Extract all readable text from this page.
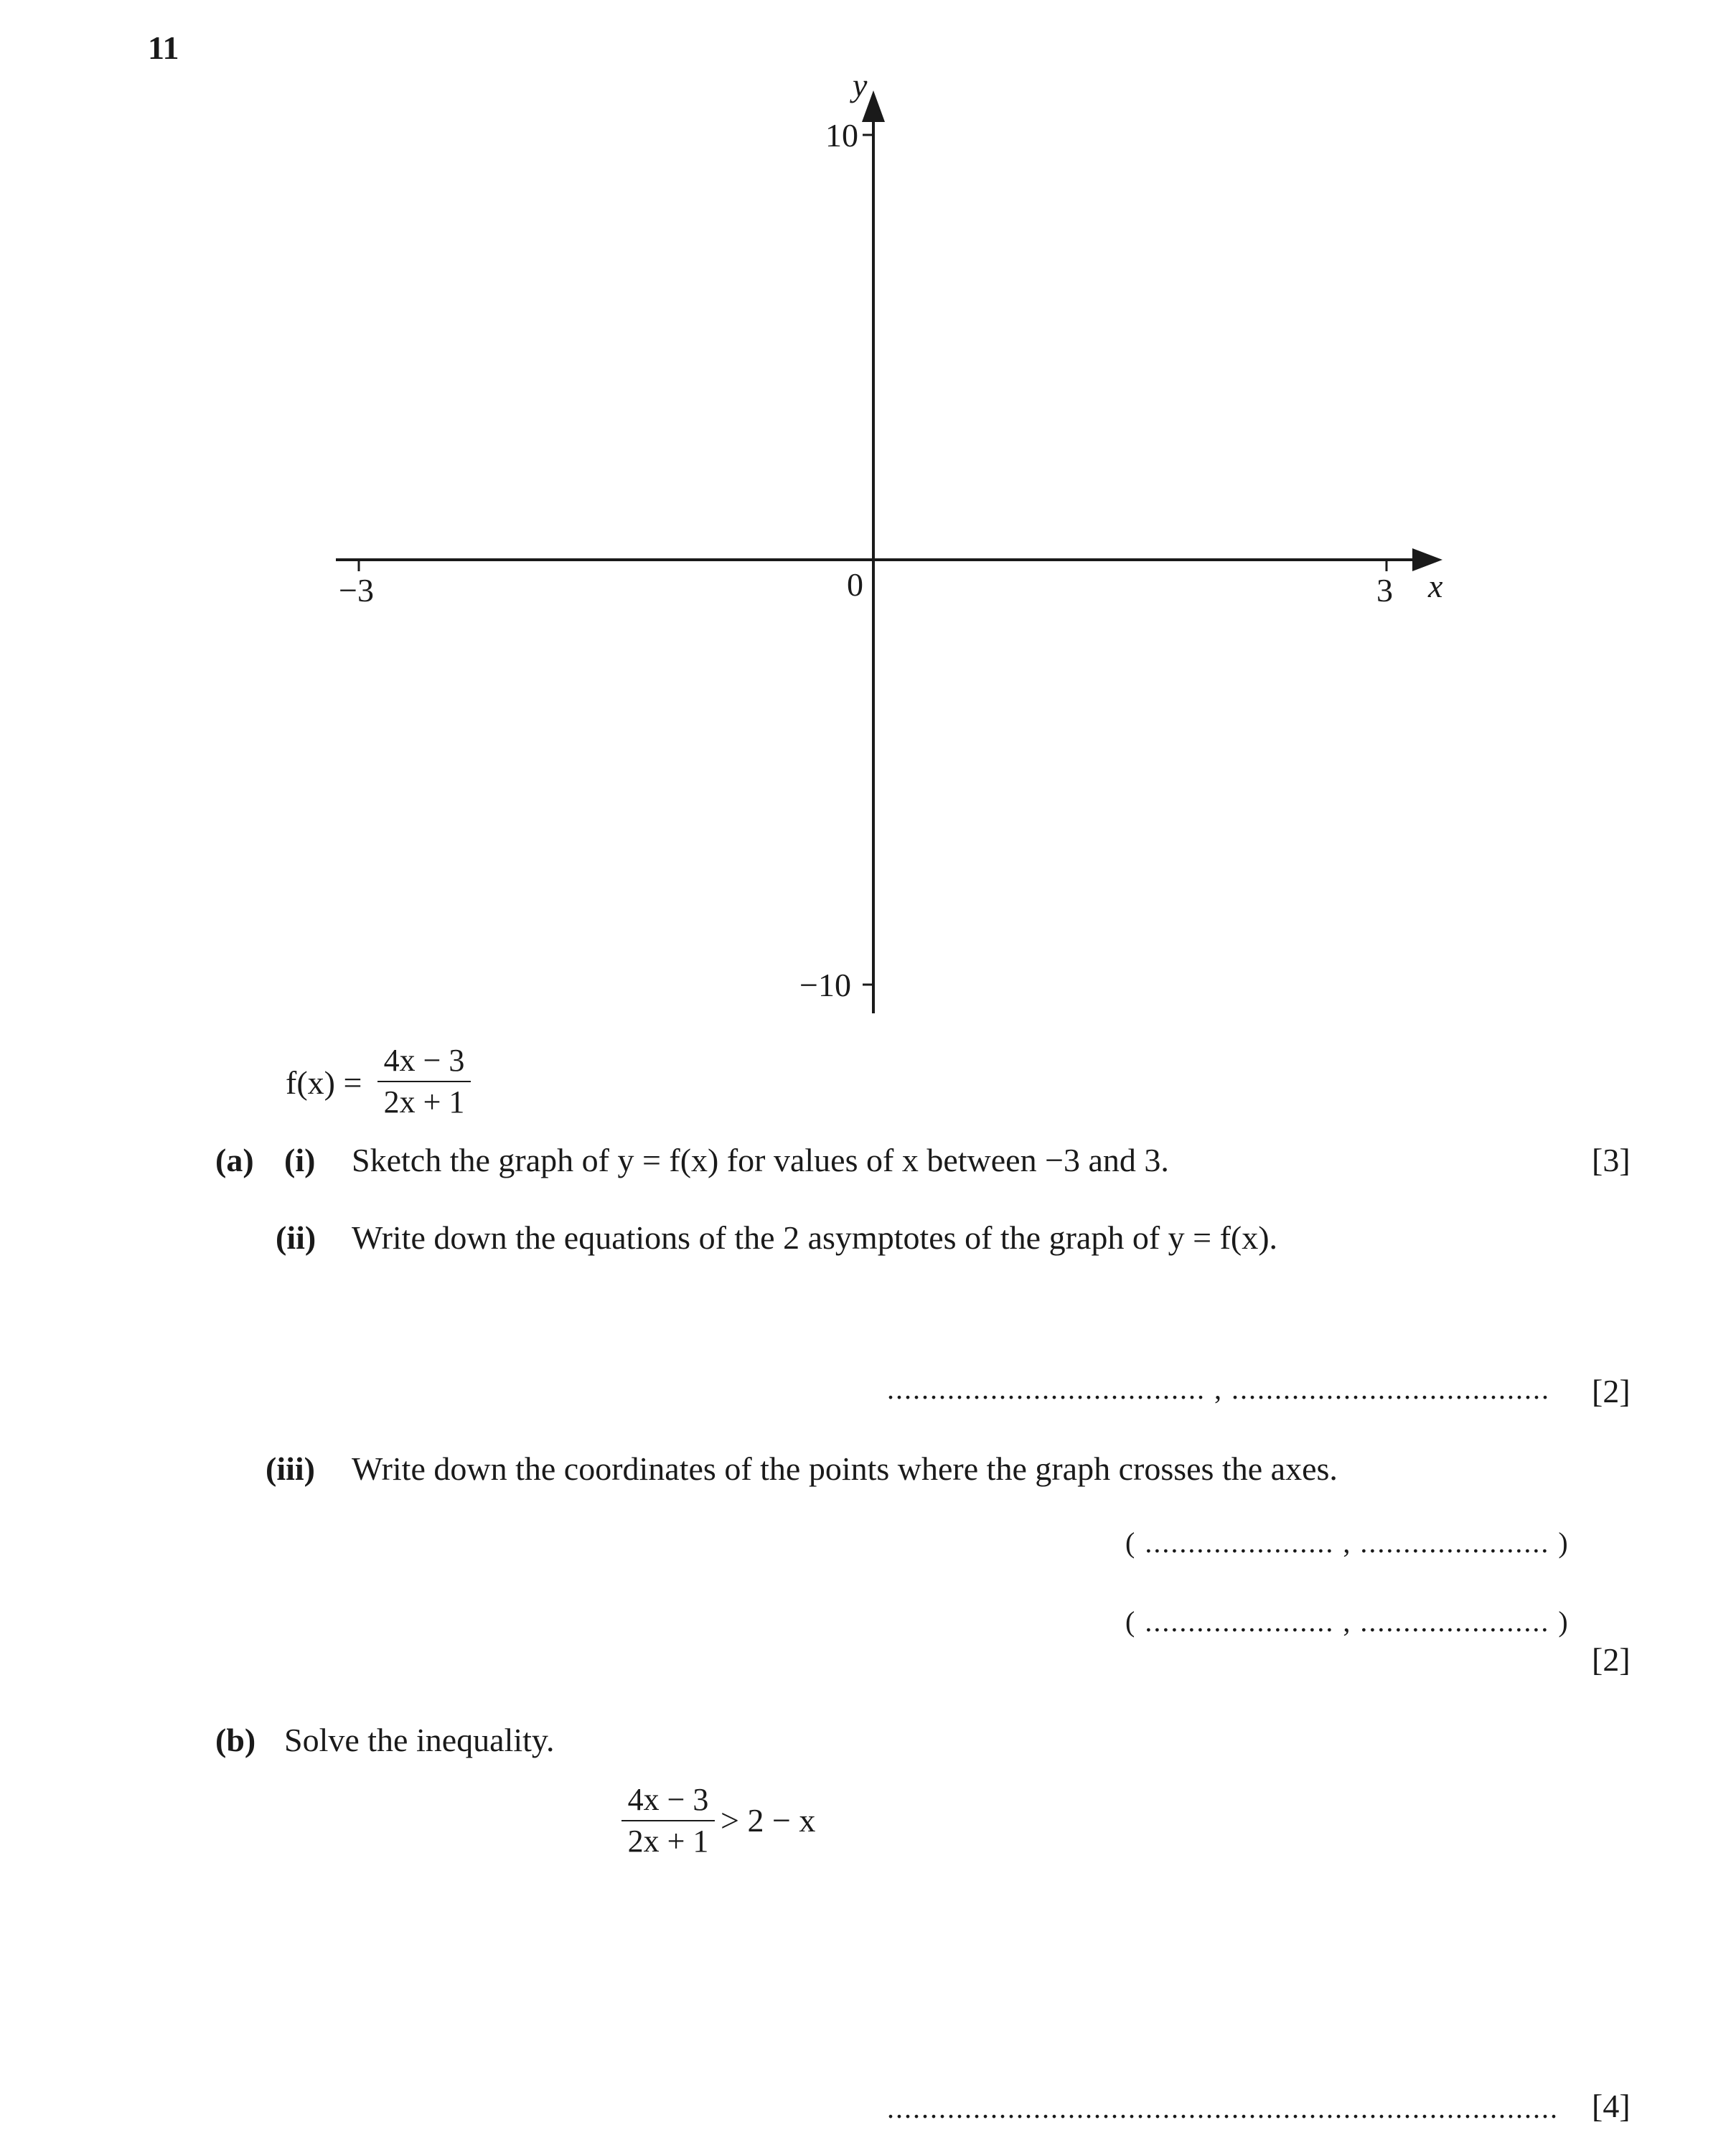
11
y
10
−10
−3	0	3 x
f(x) =
4x − 3
2x + 1
(a) (i) Sketch the graph of y = f(x) for values of x between −3 and 3.	[3]
(ii) Write down the equations of the 2 asymptotes of the graph of y = f(x).
..................................... , ..................................... [2]
(iii) Write down the coordinates of the points where the graph crosses the axes.
( ...................... , ...................... )
( ...................... , ...................... )
[2]
(b) Solve the inequality.
4x − 3
2x + 1
> 2 − x
.............................................................................. [4]
